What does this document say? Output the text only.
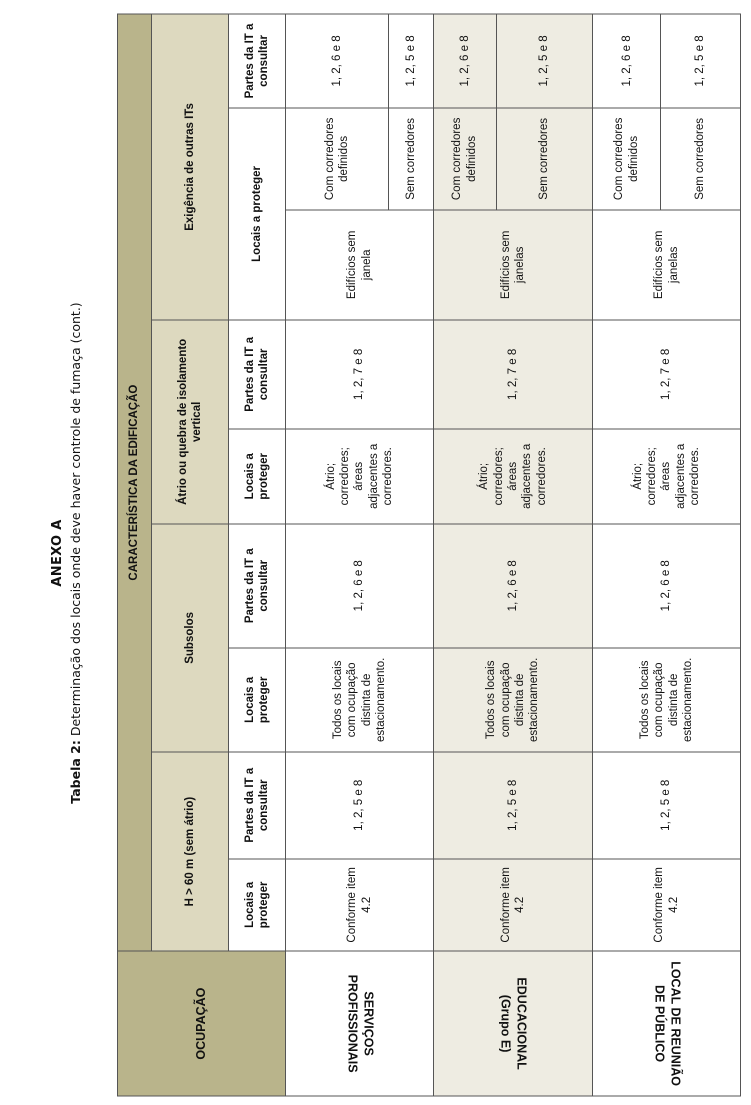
ANEXO A
Tabela 2: Determinação dos locais onde deve haver controle de fumaça (cont.)
OCUPAÇÃO	CARACTERÍSTICA DA EDIFICAÇÃO								
	H > 60 m (sem átrio)		Subsolos		Átrio ou quebra de isolamento vertical		Exigência de outras ITs		
	Locais a proteger	Partes da IT a consultar	Locais a proteger	Partes da IT a consultar	Locais a proteger	Partes da IT a consultar	Locais a proteger		Partes da IT a consultar
SERVIÇOS PROFISSIONAIS	Conforme item 4.2	1, 2, 5 e 8	Todos os locais com ocupação distinta de estacionamento.	1, 2, 6 e 8	Átrio; corredores; áreas adjacentes a corredores.	1, 2, 7 e 8	Edifícios sem janela	Com corredores definidos	1, 2, 6 e 8
								Sem corredores	1, 2, 5 e 8
EDUCACIONAL (Grupo E)	Conforme item 4.2	1, 2, 5 e 8	Todos os locais com ocupação distinta de estacionamento.	1, 2, 6 e 8	Átrio; corredores; áreas adjacentes a corredores.	1, 2, 7 e 8	Edifícios sem janelas	Com corredores definidos	1, 2, 6 e 8
								Sem corredores	1, 2, 5 e 8
LOCAL DE REUNIÃO DE PÚBLICO	Conforme item 4.2	1, 2, 5 e 8	Todos os locais com ocupação distinta de estacionamento.	1, 2, 6 e 8	Átrio; corredores; áreas adjacentes a corredores.	1, 2, 7 e 8	Edifícios sem janelas	Com corredores definidos	1, 2, 6 e 8
								Sem corredores	1, 2, 5 e 8
